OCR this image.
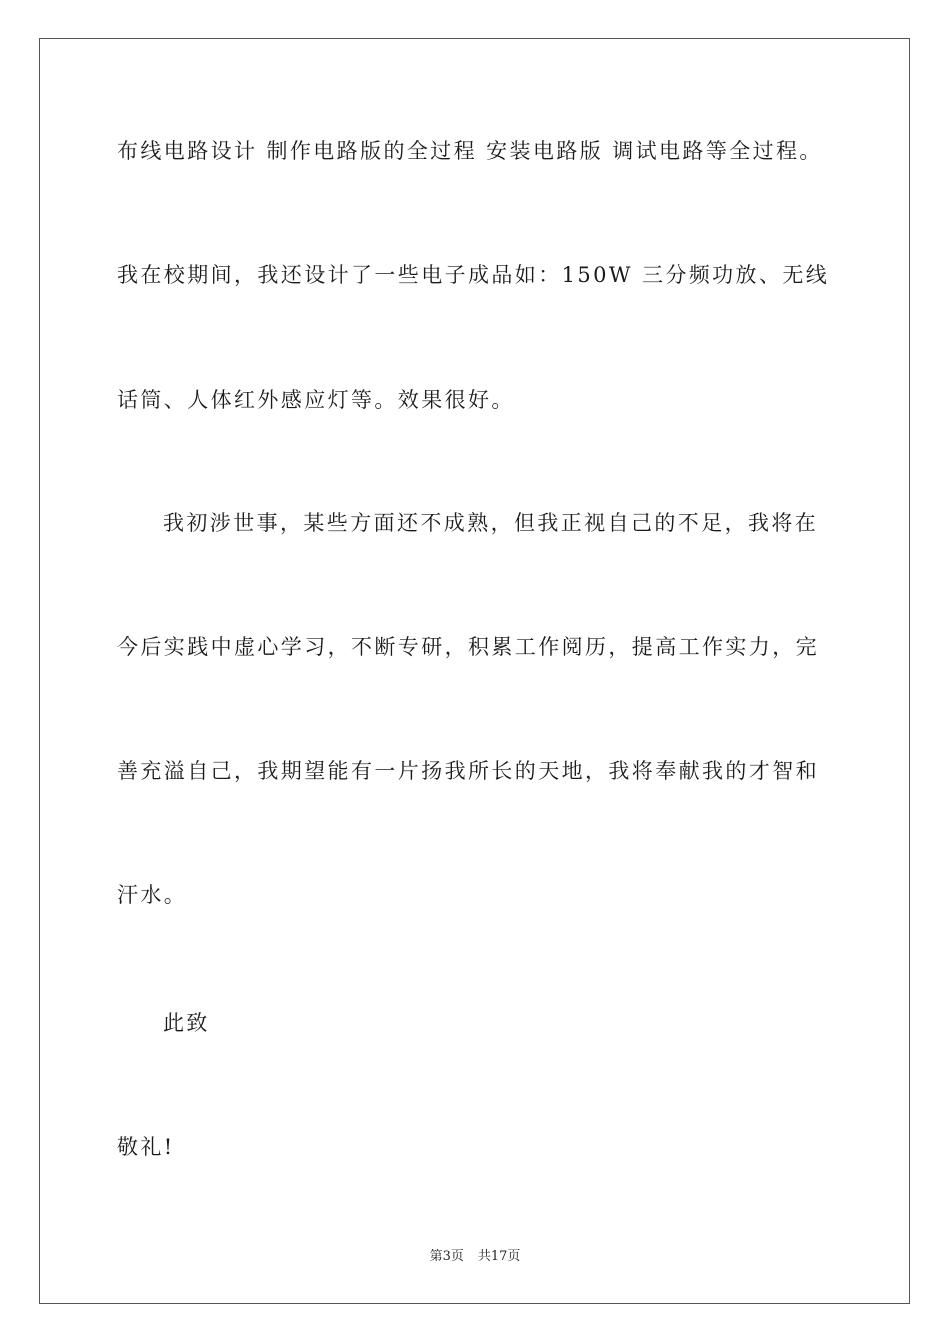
布线电路设计 制作电路版的全过程 安装电路版 调试电路等全过程。

我在校期间，我还设计了一些电子成品如：150W 三分频功放、无线

话筒、人体红外感应灯等。效果很好。

我初涉世事，某些方面还不成熟，但我正视自己的不足，我将在

今后实践中虚心学习，不断专研，积累工作阅历，提高工作实力，完

善充溢自己，我期望能有一片扬我所长的天地，我将奉献我的才智和

汗水。

此致

敬礼!

第3页 共17页
